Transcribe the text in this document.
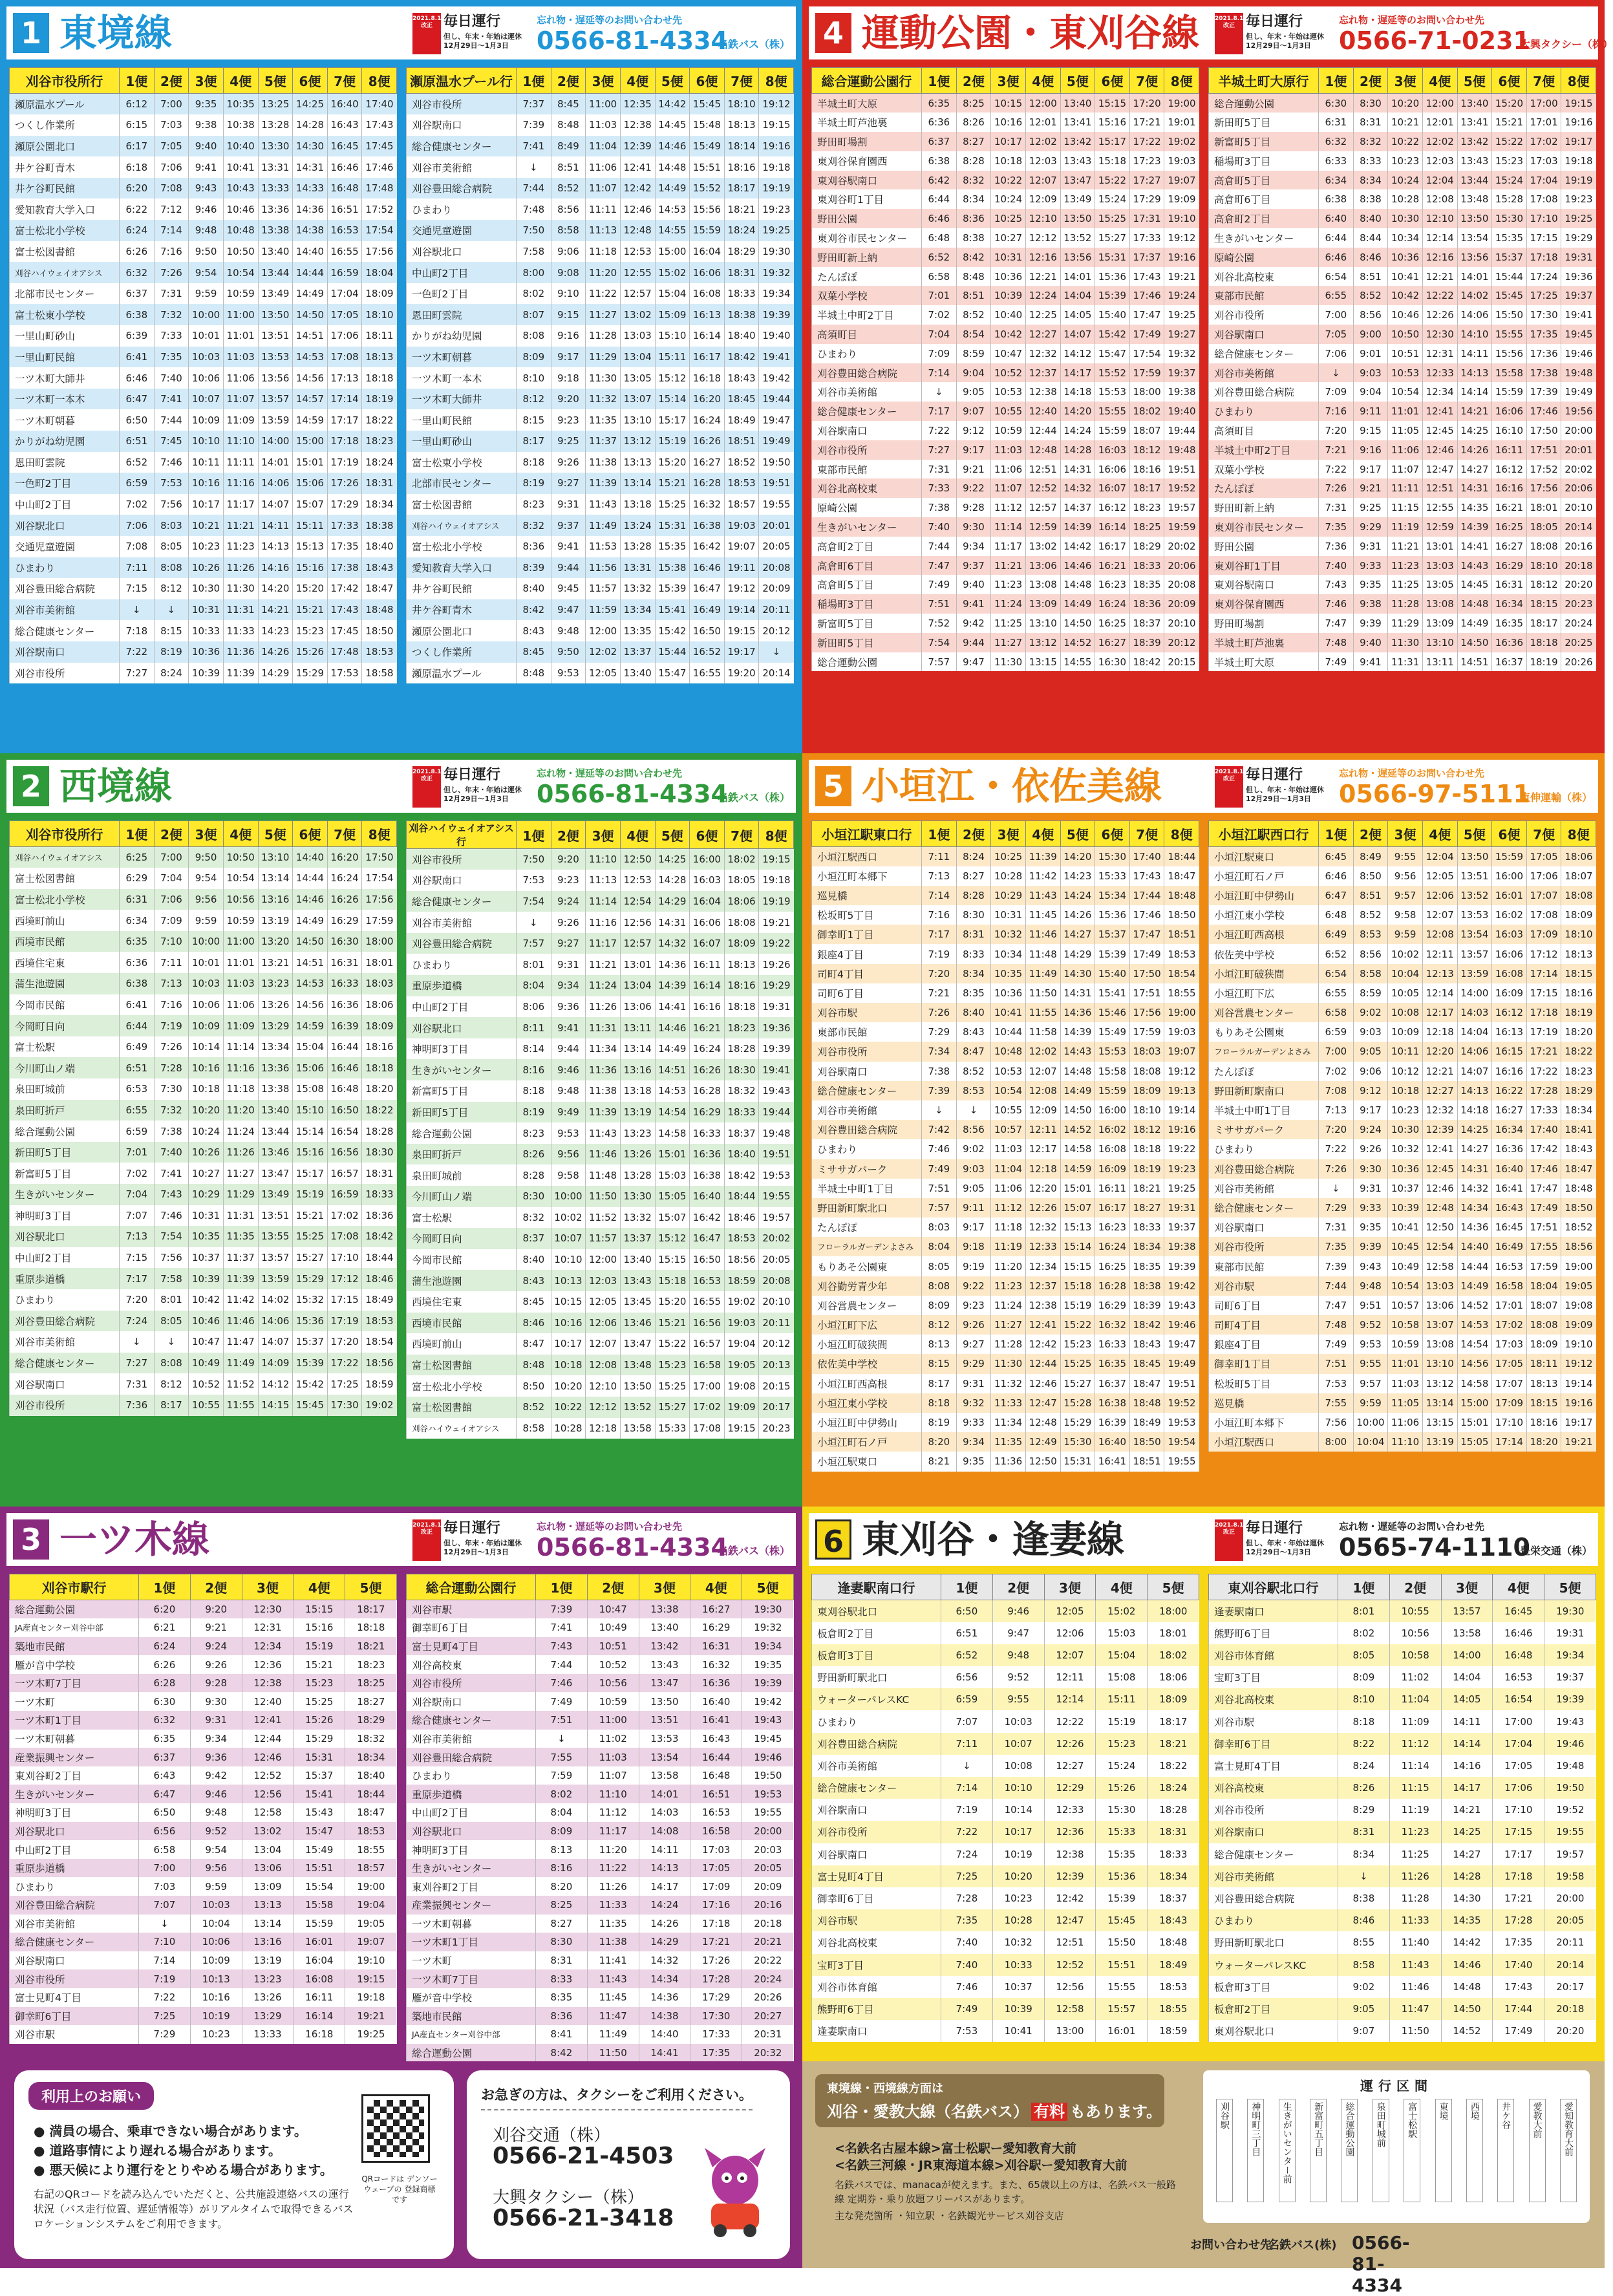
1 東境線	2021.8.1 改正 毎日運行
但し、年末・年始は運休 12月29日～1月3日
忘れ物・遅延等のお問い合わせ先
0566-81-4334
名鉄バス（株）
刈谷市役所行	1便	2便	3便	4便	5便	6便	7便	8便
瀬原温水プール	6:12	7:00	9:35	10:35	13:25	14:25	16:40	17:40
つくし作業所	6:15	7:03	9:38	10:38	13:28	14:28	16:43	17:43
瀬原公園北口	6:17	7:05	9:40	10:40	13:30	14:30	16:45	17:45
井ケ谷町青木	6:18	7:06	9:41	10:41	13:31	14:31	16:46	17:46
井ケ谷町民館	6:20	7:08	9:43	10:43	13:33	14:33	16:48	17:48
愛知教育大学入口	6:22	7:12	9:46	10:46	13:36	14:36	16:51	17:52
富士松北小学校	6:24	7:14	9:48	10:48	13:38	14:38	16:53	17:54
富士松図書館	6:26	7:16	9:50	10:50	13:40	14:40	16:55	17:56
刈谷ハイウェイオアシス	6:32	7:26	9:54	10:54	13:44	14:44	16:59	18:04
北部市民センター	6:37	7:31	9:59	10:59	13:49	14:49	17:04	18:09
富士松東小学校	6:38	7:32	10:00	11:00	13:50	14:50	17:05	18:10
一里山町砂山	6:39	7:33	10:01	11:01	13:51	14:51	17:06	18:11
一里山町民館	6:41	7:35	10:03	11:03	13:53	14:53	17:08	18:13
一ツ木町大師井	6:46	7:40	10:06	11:06	13:56	14:56	17:13	18:18
一ツ木町一本木	6:47	7:41	10:07	11:07	13:57	14:57	17:14	18:19
一ツ木町朝暮	6:50	7:44	10:09	11:09	13:59	14:59	17:17	18:22
かりがね幼児園	6:51	7:45	10:10	11:10	14:00	15:00	17:18	18:23
恩田町雲院	6:52	7:46	10:11	11:11	14:01	15:01	17:19	18:24
一色町2丁目	6:59	7:53	10:16	11:16	14:06	15:06	17:26	18:31
中山町2丁目	7:02	7:56	10:17	11:17	14:07	15:07	17:29	18:34
刈谷駅北口	7:06	8:03	10:21	11:21	14:11	15:11	17:33	18:38
交通児童遊園	7:08	8:05	10:23	11:23	14:13	15:13	17:35	18:40
ひまわり	7:11	8:08	10:26	11:26	14:16	15:16	17:38	18:43
刈谷豊田総合病院	7:15	8:12	10:30	11:30	14:20	15:20	17:42	18:47
刈谷市美術館	↓	↓	10:31	11:31	14:21	15:21	17:43	18:48
総合健康センター	7:18	8:15	10:33	11:33	14:23	15:23	17:45	18:50
刈谷駅南口	7:22	8:19	10:36	11:36	14:26	15:26	17:48	18:53
刈谷市役所	7:27	8:24	10:39	11:39	14:29	15:29	17:53	18:58
瀬原温水プール行	1便	2便	3便	4便	5便	6便	7便	8便
刈谷市役所	7:37	8:45	11:00	12:35	14:42	15:45	18:10	19:12
刈谷駅南口	7:39	8:48	11:03	12:38	14:45	15:48	18:13	19:15
総合健康センター	7:41	8:49	11:04	12:39	14:46	15:49	18:14	19:16
刈谷市美術館	↓	8:51	11:06	12:41	14:48	15:51	18:16	19:18
刈谷豊田総合病院	7:44	8:52	11:07	12:42	14:49	15:52	18:17	19:19
ひまわり	7:48	8:56	11:11	12:46	14:53	15:56	18:21	19:23
交通児童遊園	7:50	8:58	11:13	12:48	14:55	15:59	18:24	19:25
刈谷駅北口	7:58	9:06	11:18	12:53	15:00	16:04	18:29	19:30
中山町2丁目	8:00	9:08	11:20	12:55	15:02	16:06	18:31	19:32
一色町2丁目	8:02	9:10	11:22	12:57	15:04	16:08	18:33	19:34
恩田町雲院	8:07	9:15	11:27	13:02	15:09	16:13	18:38	19:39
かりがね幼児園	8:08	9:16	11:28	13:03	15:10	16:14	18:40	19:40
一ツ木町朝暮	8:09	9:17	11:29	13:04	15:11	16:17	18:42	19:41
一ツ木町一本木	8:10	9:18	11:30	13:05	15:12	16:18	18:43	19:42
一ツ木町大師井	8:12	9:20	11:32	13:07	15:14	16:20	18:45	19:44
一里山町民館	8:15	9:23	11:35	13:10	15:17	16:24	18:49	19:47
一里山町砂山	8:17	9:25	11:37	13:12	15:19	16:26	18:51	19:49
富士松東小学校	8:18	9:26	11:38	13:13	15:20	16:27	18:52	19:50
北部市民センター	8:19	9:27	11:39	13:14	15:21	16:28	18:53	19:51
富士松図書館	8:23	9:31	11:43	13:18	15:25	16:32	18:57	19:55
刈谷ハイウェイオアシス	8:32	9:37	11:49	13:24	15:31	16:38	19:03	20:01
富士松北小学校	8:36	9:41	11:53	13:28	15:35	16:42	19:07	20:05
愛知教育大学入口	8:39	9:44	11:56	13:31	15:38	16:46	19:11	20:08
井ケ谷町民館	8:40	9:45	11:57	13:32	15:39	16:47	19:12	20:09
井ケ谷町青木	8:42	9:47	11:59	13:34	15:41	16:49	19:14	20:11
瀬原公園北口	8:43	9:48	12:00	13:35	15:42	16:50	19:15	20:12
つくし作業所	8:45	9:50	12:02	13:37	15:44	16:52	19:17	↓
瀬原温水プール	8:48	9:53	12:05	13:40	15:47	16:55	19:20	20:14
4 運動公園・東刈谷線	2021.8.1 改正 毎日運行
但し、年末・年始は運休 12月29日～1月3日
忘れ物・遅延等のお問い合わせ先
0566-71-0231
大興タクシー（株）
総合運動公園行	1便	2便	3便	4便	5便	6便	7便	8便
半城土町大原	6:35	8:25	10:15	12:00	13:40	15:15	17:20	19:00
半城土町芦池裏	6:36	8:26	10:16	12:01	13:41	15:16	17:21	19:01
野田町場割	6:37	8:27	10:17	12:02	13:42	15:17	17:22	19:02
東刈谷保育園西	6:38	8:28	10:18	12:03	13:43	15:18	17:23	19:03
東刈谷駅南口	6:42	8:32	10:22	12:07	13:47	15:22	17:27	19:07
東刈谷町1丁目	6:44	8:34	10:24	12:09	13:49	15:24	17:29	19:09
野田公園	6:46	8:36	10:25	12:10	13:50	15:25	17:31	19:10
東刈谷市民センター	6:48	8:38	10:27	12:12	13:52	15:27	17:33	19:12
野田町新上納	6:52	8:42	10:31	12:16	13:56	15:31	17:37	19:16
たんぽぽ	6:58	8:48	10:36	12:21	14:01	15:36	17:43	19:21
双葉小学校	7:01	8:51	10:39	12:24	14:04	15:39	17:46	19:24
半城土中町2丁目	7:02	8:52	10:40	12:25	14:05	15:40	17:47	19:25
高須町目	7:04	8:54	10:42	12:27	14:07	15:42	17:49	19:27
ひまわり	7:09	8:59	10:47	12:32	14:12	15:47	17:54	19:32
刈谷豊田総合病院	7:14	9:04	10:52	12:37	14:17	15:52	17:59	19:37
刈谷市美術館	↓	9:05	10:53	12:38	14:18	15:53	18:00	19:38
総合健康センター	7:17	9:07	10:55	12:40	14:20	15:55	18:02	19:40
刈谷駅南口	7:22	9:12	10:59	12:44	14:24	15:59	18:07	19:44
刈谷市役所	7:27	9:17	11:03	12:48	14:28	16:03	18:12	19:48
東部市民館	7:31	9:21	11:06	12:51	14:31	16:06	18:16	19:51
刈谷北高校東	7:33	9:22	11:07	12:52	14:32	16:07	18:17	19:52
原崎公園	7:38	9:28	11:12	12:57	14:37	16:12	18:23	19:57
生きがいセンター	7:40	9:30	11:14	12:59	14:39	16:14	18:25	19:59
高倉町2丁目	7:44	9:34	11:17	13:02	14:42	16:17	18:29	20:02
高倉町6丁目	7:47	9:37	11:21	13:06	14:46	16:21	18:33	20:06
高倉町5丁目	7:49	9:40	11:23	13:08	14:48	16:23	18:35	20:08
稲場町3丁目	7:51	9:41	11:24	13:09	14:49	16:24	18:36	20:09
新富町5丁目	7:52	9:42	11:25	13:10	14:50	16:25	18:37	20:10
新田町5丁目	7:54	9:44	11:27	13:12	14:52	16:27	18:39	20:12
総合運動公園	7:57	9:47	11:30	13:15	14:55	16:30	18:42	20:15
半城土町大原行	1便	2便	3便	4便	5便	6便	7便	8便
総合運動公園	6:30	8:30	10:20	12:00	13:40	15:20	17:00	19:15
新田町5丁目	6:31	8:31	10:21	12:01	13:41	15:21	17:01	19:16
新富町5丁目	6:32	8:32	10:22	12:02	13:42	15:22	17:02	19:17
稲場町3丁目	6:33	8:33	10:23	12:03	13:43	15:23	17:03	19:18
高倉町5丁目	6:34	8:34	10:24	12:04	13:44	15:24	17:04	19:19
高倉町6丁目	6:38	8:38	10:28	12:08	13:48	15:28	17:08	19:23
高倉町2丁目	6:40	8:40	10:30	12:10	13:50	15:30	17:10	19:25
生きがいセンター	6:44	8:44	10:34	12:14	13:54	15:35	17:15	19:29
原崎公園	6:46	8:46	10:36	12:16	13:56	15:37	17:18	19:31
刈谷北高校東	6:54	8:51	10:41	12:21	14:01	15:44	17:24	19:36
東部市民館	6:55	8:52	10:42	12:22	14:02	15:45	17:25	19:37
刈谷市役所	7:00	8:56	10:46	12:26	14:06	15:50	17:30	19:41
刈谷駅南口	7:05	9:00	10:50	12:30	14:10	15:55	17:35	19:45
総合健康センター	7:06	9:01	10:51	12:31	14:11	15:56	17:36	19:46
刈谷市美術館	↓	9:03	10:53	12:33	14:13	15:58	17:38	19:48
刈谷豊田総合病院	7:09	9:04	10:54	12:34	14:14	15:59	17:39	19:49
ひまわり	7:16	9:11	11:01	12:41	14:21	16:06	17:46	19:56
高須町目	7:20	9:15	11:05	12:45	14:25	16:10	17:50	20:00
半城土中町2丁目	7:21	9:16	11:06	12:46	14:26	16:11	17:51	20:01
双葉小学校	7:22	9:17	11:07	12:47	14:27	16:12	17:52	20:02
たんぽぽ	7:26	9:21	11:11	12:51	14:31	16:16	17:56	20:06
野田町新上納	7:31	9:25	11:15	12:55	14:35	16:21	18:01	20:10
東刈谷市民センター	7:35	9:29	11:19	12:59	14:39	16:25	18:05	20:14
野田公園	7:36	9:31	11:21	13:01	14:41	16:27	18:08	20:16
東刈谷町1丁目	7:40	9:33	11:23	13:03	14:43	16:29	18:10	20:18
東刈谷駅南口	7:43	9:35	11:25	13:05	14:45	16:31	18:12	20:20
東刈谷保育園西	7:46	9:38	11:28	13:08	14:48	16:34	18:15	20:23
野田町場割	7:47	9:39	11:29	13:09	14:49	16:35	18:17	20:24
半城土町芦池裏	7:48	9:40	11:30	13:10	14:50	16:36	18:18	20:25
半城土町大原	7:49	9:41	11:31	13:11	14:51	16:37	18:19	20:26
2 西境線	2021.8.1 改正 毎日運行
但し、年末・年始は運休 12月29日～1月3日
忘れ物・遅延等のお問い合わせ先
0566-81-4334
名鉄バス（株）
刈谷市役所行	1便	2便	3便	4便	5便	6便	7便	8便
刈谷ハイウェイオアシス	6:25	7:00	9:50	10:50	13:10	14:40	16:20	17:50
富士松図書館	6:29	7:04	9:54	10:54	13:14	14:44	16:24	17:54
富士松北小学校	6:31	7:06	9:56	10:56	13:16	14:46	16:26	17:56
西境町前山	6:34	7:09	9:59	10:59	13:19	14:49	16:29	17:59
西境市民館	6:35	7:10	10:00	11:00	13:20	14:50	16:30	18:00
西境住宅東	6:36	7:11	10:01	11:01	13:21	14:51	16:31	18:01
蒲生池遊園	6:38	7:13	10:03	11:03	13:23	14:53	16:33	18:03
今岡市民館	6:41	7:16	10:06	11:06	13:26	14:56	16:36	18:06
今岡町日向	6:44	7:19	10:09	11:09	13:29	14:59	16:39	18:09
富士松駅	6:49	7:26	10:14	11:14	13:34	15:04	16:44	18:16
今川町山ノ端	6:51	7:28	10:16	11:16	13:36	15:06	16:46	18:18
泉田町城前	6:53	7:30	10:18	11:18	13:38	15:08	16:48	18:20
泉田町折戸	6:55	7:32	10:20	11:20	13:40	15:10	16:50	18:22
総合運動公園	6:59	7:38	10:24	11:24	13:44	15:14	16:54	18:28
新田町5丁目	7:01	7:40	10:26	11:26	13:46	15:16	16:56	18:30
新富町5丁目	7:02	7:41	10:27	11:27	13:47	15:17	16:57	18:31
生きがいセンター	7:04	7:43	10:29	11:29	13:49	15:19	16:59	18:33
神明町3丁目	7:07	7:46	10:31	11:31	13:51	15:21	17:02	18:36
刈谷駅北口	7:13	7:54	10:35	11:35	13:55	15:25	17:08	18:42
中山町2丁目	7:15	7:56	10:37	11:37	13:57	15:27	17:10	18:44
重原歩道橋	7:17	7:58	10:39	11:39	13:59	15:29	17:12	18:46
ひまわり	7:20	8:01	10:42	11:42	14:02	15:32	17:15	18:49
刈谷豊田総合病院	7:24	8:05	10:46	11:46	14:06	15:36	17:19	18:53
刈谷市美術館	↓	↓	10:47	11:47	14:07	15:37	17:20	18:54
総合健康センター	7:27	8:08	10:49	11:49	14:09	15:39	17:22	18:56
刈谷駅南口	7:31	8:12	10:52	11:52	14:12	15:42	17:25	18:59
刈谷市役所	7:36	8:17	10:55	11:55	14:15	15:45	17:30	19:02
刈谷ハイウェイオアシス行	1便	2便	3便	4便	5便	6便	7便	8便
刈谷市役所	7:50	9:20	11:10	12:50	14:25	16:00	18:02	19:15
刈谷駅南口	7:53	9:23	11:13	12:53	14:28	16:03	18:05	19:18
総合健康センター	7:54	9:24	11:14	12:54	14:29	16:04	18:06	19:19
刈谷市美術館	↓	9:26	11:16	12:56	14:31	16:06	18:08	19:21
刈谷豊田総合病院	7:57	9:27	11:17	12:57	14:32	16:07	18:09	19:22
ひまわり	8:01	9:31	11:21	13:01	14:36	16:11	18:13	19:26
重原歩道橋	8:04	9:34	11:24	13:04	14:39	16:14	18:16	19:29
中山町2丁目	8:06	9:36	11:26	13:06	14:41	16:16	18:18	19:31
刈谷駅北口	8:11	9:41	11:31	13:11	14:46	16:21	18:23	19:36
神明町3丁目	8:14	9:44	11:34	13:14	14:49	16:24	18:28	19:39
生きがいセンター	8:16	9:46	11:36	13:16	14:51	16:26	18:30	19:41
新富町5丁目	8:18	9:48	11:38	13:18	14:53	16:28	18:32	19:43
新田町5丁目	8:19	9:49	11:39	13:19	14:54	16:29	18:33	19:44
総合運動公園	8:23	9:53	11:43	13:23	14:58	16:33	18:37	19:48
泉田町折戸	8:26	9:56	11:46	13:26	15:01	16:36	18:40	19:51
泉田町城前	8:28	9:58	11:48	13:28	15:03	16:38	18:42	19:53
今川町山ノ端	8:30	10:00	11:50	13:30	15:05	16:40	18:44	19:55
富士松駅	8:32	10:02	11:52	13:32	15:07	16:42	18:46	19:57
今岡町日向	8:37	10:07	11:57	13:37	15:12	16:47	18:53	20:02
今岡市民館	8:40	10:10	12:00	13:40	15:15	16:50	18:56	20:05
蒲生池遊園	8:43	10:13	12:03	13:43	15:18	16:53	18:59	20:08
西境住宅東	8:45	10:15	12:05	13:45	15:20	16:55	19:02	20:10
西境市民館	8:46	10:16	12:06	13:46	15:21	16:56	19:03	20:11
西境町前山	8:47	10:17	12:07	13:47	15:22	16:57	19:04	20:12
富士松図書館	8:48	10:18	12:08	13:48	15:23	16:58	19:05	20:13
富士松北小学校	8:50	10:20	12:10	13:50	15:25	17:00	19:08	20:15
富士松図書館	8:52	10:22	12:12	13:52	15:27	17:02	19:09	20:17
刈谷ハイウェイオアシス	8:58	10:28	12:18	13:58	15:33	17:08	19:15	20:23
5 小垣江・依佐美線	2021.8.1 改正 毎日運行
但し、年末・年始は運休 12月29日～1月3日
忘れ物・遅延等のお問い合わせ先
0566-97-5111
東伸運輸（株）
小垣江駅東口行	1便	2便	3便	4便	5便	6便	7便	8便
小垣江駅西口	7:11	8:24	10:25	11:39	14:20	15:30	17:40	18:44
小垣江町本郷下	7:13	8:27	10:28	11:42	14:23	15:33	17:43	18:47
巡見橋	7:14	8:28	10:29	11:43	14:24	15:34	17:44	18:48
松坂町5丁目	7:16	8:30	10:31	11:45	14:26	15:36	17:46	18:50
御幸町1丁目	7:17	8:31	10:32	11:46	14:27	15:37	17:47	18:51
銀座4丁目	7:19	8:33	10:34	11:48	14:29	15:39	17:49	18:53
司町4丁目	7:20	8:34	10:35	11:49	14:30	15:40	17:50	18:54
司町6丁目	7:21	8:35	10:36	11:50	14:31	15:41	17:51	18:55
刈谷市駅	7:26	8:40	10:41	11:55	14:36	15:46	17:56	19:00
東部市民館	7:29	8:43	10:44	11:58	14:39	15:49	17:59	19:03
刈谷市役所	7:34	8:47	10:48	12:02	14:43	15:53	18:03	19:07
刈谷駅南口	7:38	8:52	10:53	12:07	14:48	15:58	18:08	19:12
総合健康センター	7:39	8:53	10:54	12:08	14:49	15:59	18:09	19:13
刈谷市美術館	↓	↓	10:55	12:09	14:50	16:00	18:10	19:14
刈谷豊田総合病院	7:42	8:56	10:57	12:11	14:52	16:02	18:12	19:16
ひまわり	7:46	9:02	11:03	12:17	14:58	16:08	18:18	19:22
ミササガパーク	7:49	9:03	11:04	12:18	14:59	16:09	18:19	19:23
半城土中町1丁目	7:51	9:05	11:06	12:20	15:01	16:11	18:21	19:25
野田新町駅北口	7:57	9:11	11:12	12:26	15:07	16:17	18:27	19:31
たんぽぽ	8:03	9:17	11:18	12:32	15:13	16:23	18:33	19:37
フローラルガーデンよさみ	8:04	9:18	11:19	12:33	15:14	16:24	18:34	19:38
もりあそ公園東	8:05	9:19	11:20	12:34	15:15	16:25	18:35	19:39
刈谷勤労青少年	8:08	9:22	11:23	12:37	15:18	16:28	18:38	19:42
刈谷営農センター	8:09	9:23	11:24	12:38	15:19	16:29	18:39	19:43
小垣江町下広	8:12	9:26	11:27	12:41	15:22	16:32	18:42	19:46
小垣江町破狭間	8:13	9:27	11:28	12:42	15:23	16:33	18:43	19:47
依佐美中学校	8:15	9:29	11:30	12:44	15:25	16:35	18:45	19:49
小垣江町西高根	8:17	9:31	11:32	12:46	15:27	16:37	18:47	19:51
小垣江東小学校	8:18	9:32	11:33	12:47	15:28	16:38	18:48	19:52
小垣江町中伊勢山	8:19	9:33	11:34	12:48	15:29	16:39	18:49	19:53
小垣江町石ノ戸	8:20	9:34	11:35	12:49	15:30	16:40	18:50	19:54
小垣江駅東口	8:21	9:35	11:36	12:50	15:31	16:41	18:51	19:55
小垣江駅西口行	1便	2便	3便	4便	5便	6便	7便	8便
小垣江駅東口	6:45	8:49	9:55	12:04	13:50	15:59	17:05	18:06
小垣江町石ノ戸	6:46	8:50	9:56	12:05	13:51	16:00	17:06	18:07
小垣江町中伊勢山	6:47	8:51	9:57	12:06	13:52	16:01	17:07	18:08
小垣江東小学校	6:48	8:52	9:58	12:07	13:53	16:02	17:08	18:09
小垣江町西高根	6:49	8:53	9:59	12:08	13:54	16:03	17:09	18:10
依佐美中学校	6:52	8:56	10:02	12:11	13:57	16:06	17:12	18:13
小垣江町破狭間	6:54	8:58	10:04	12:13	13:59	16:08	17:14	18:15
小垣江町下広	6:55	8:59	10:05	12:14	14:00	16:09	17:15	18:16
刈谷営農センター	6:58	9:02	10:08	12:17	14:03	16:12	17:18	18:19
もりあそ公園東	6:59	9:03	10:09	12:18	14:04	16:13	17:19	18:20
フローラルガーデンよさみ	7:00	9:05	10:11	12:20	14:06	16:15	17:21	18:22
たんぽぽ	7:02	9:06	10:12	12:21	14:07	16:16	17:22	18:23
野田新町駅南口	7:08	9:12	10:18	12:27	14:13	16:22	17:28	18:29
半城土中町1丁目	7:13	9:17	10:23	12:32	14:18	16:27	17:33	18:34
ミササガパーク	7:20	9:24	10:30	12:39	14:25	16:34	17:40	18:41
ひまわり	7:22	9:26	10:32	12:41	14:27	16:36	17:42	18:43
刈谷豊田総合病院	7:26	9:30	10:36	12:45	14:31	16:40	17:46	18:47
刈谷市美術館	↓	9:31	10:37	12:46	14:32	16:41	17:47	18:48
総合健康センター	7:29	9:33	10:39	12:48	14:34	16:43	17:49	18:50
刈谷駅南口	7:31	9:35	10:41	12:50	14:36	16:45	17:51	18:52
刈谷市役所	7:35	9:39	10:45	12:54	14:40	16:49	17:55	18:56
東部市民館	7:39	9:43	10:49	12:58	14:44	16:53	17:59	19:00
刈谷市駅	7:44	9:48	10:54	13:03	14:49	16:58	18:04	19:05
司町6丁目	7:47	9:51	10:57	13:06	14:52	17:01	18:07	19:08
司町4丁目	7:48	9:52	10:58	13:07	14:53	17:02	18:08	19:09
銀座4丁目	7:49	9:53	10:59	13:08	14:54	17:03	18:09	19:10
御幸町1丁目	7:51	9:55	11:01	13:10	14:56	17:05	18:11	19:12
松坂町5丁目	7:53	9:57	11:03	13:12	14:58	17:07	18:13	19:14
巡見橋	7:55	9:59	11:05	13:14	15:00	17:09	18:15	19:16
小垣江町本郷下	7:56	10:00	11:06	13:15	15:01	17:10	18:16	19:17
小垣江駅西口	8:00	10:04	11:10	13:19	15:05	17:14	18:20	19:21
3 一ツ木線	2021.8.1 改正 毎日運行
但し、年末・年始は運休 12月29日～1月3日
忘れ物・遅延等のお問い合わせ先
0566-81-4334
名鉄バス（株）
刈谷市駅行	1便	2便	3便	4便	5便
総合運動公園	6:20	9:20	12:30	15:15	18:17
JA産直センター刈谷中部	6:21	9:21	12:31	15:16	18:18
築地市民館	6:24	9:24	12:34	15:19	18:21
雁が音中学校	6:26	9:26	12:36	15:21	18:23
一ツ木町7丁目	6:28	9:28	12:38	15:23	18:25
一ツ木町	6:30	9:30	12:40	15:25	18:27
一ツ木町1丁目	6:32	9:31	12:41	15:26	18:29
一ツ木町朝暮	6:35	9:34	12:44	15:29	18:32
産業振興センター	6:37	9:36	12:46	15:31	18:34
東刈谷町2丁目	6:43	9:42	12:52	15:37	18:40
生きがいセンター	6:47	9:46	12:56	15:41	18:44
神明町3丁目	6:50	9:48	12:58	15:43	18:47
刈谷駅北口	6:56	9:52	13:02	15:47	18:53
中山町2丁目	6:58	9:54	13:04	15:49	18:55
重原歩道橋	7:00	9:56	13:06	15:51	18:57
ひまわり	7:03	9:59	13:09	15:54	19:00
刈谷豊田総合病院	7:07	10:03	13:13	15:58	19:04
刈谷市美術館	↓	10:04	13:14	15:59	19:05
総合健康センター	7:10	10:06	13:16	16:01	19:07
刈谷駅南口	7:14	10:09	13:19	16:04	19:10
刈谷市役所	7:19	10:13	13:23	16:08	19:15
富士見町4丁目	7:22	10:16	13:26	16:11	19:18
御幸町6丁目	7:25	10:19	13:29	16:14	19:21
刈谷市駅	7:29	10:23	13:33	16:18	19:25
総合運動公園行	1便	2便	3便	4便	5便
刈谷市駅	7:39	10:47	13:38	16:27	19:30
御幸町6丁目	7:41	10:49	13:40	16:29	19:32
富士見町4丁目	7:43	10:51	13:42	16:31	19:34
刈谷高校東	7:44	10:52	13:43	16:32	19:35
刈谷市役所	7:46	10:56	13:47	16:36	19:39
刈谷駅南口	7:49	10:59	13:50	16:40	19:42
総合健康センター	7:51	11:00	13:51	16:41	19:43
刈谷市美術館	↓	11:02	13:53	16:43	19:45
刈谷豊田総合病院	7:55	11:03	13:54	16:44	19:46
ひまわり	7:59	11:07	13:58	16:48	19:50
重原歩道橋	8:02	11:10	14:01	16:51	19:53
中山町2丁目	8:04	11:12	14:03	16:53	19:55
刈谷駅北口	8:09	11:17	14:08	16:58	20:00
神明町3丁目	8:13	11:20	14:11	17:03	20:03
生きがいセンター	8:16	11:22	14:13	17:05	20:05
東刈谷町2丁目	8:20	11:26	14:17	17:09	20:09
産業振興センター	8:25	11:33	14:24	17:16	20:16
一ツ木町朝暮	8:27	11:35	14:26	17:18	20:18
一ツ木町1丁目	8:30	11:38	14:29	17:21	20:21
一ツ木町	8:31	11:41	14:32	17:26	20:22
一ツ木町7丁目	8:33	11:43	14:34	17:28	20:24
雁が音中学校	8:35	11:45	14:36	17:29	20:26
築地市民館	8:36	11:47	14:38	17:30	20:27
JA産直センター刈谷中部	8:41	11:49	14:40	17:33	20:31
総合運動公園	8:42	11:50	14:41	17:35	20:32
6 東刈谷・逢妻線	2021.8.1 改正 毎日運行
但し、年末・年始は運休 12月29日～1月3日
忘れ物・遅延等のお問い合わせ先
0565-74-1110
豊栄交通（株）
逢妻駅南口行	1便	2便	3便	4便	5便
東刈谷駅北口	6:50	9:46	12:05	15:02	18:00
板倉町2丁目	6:51	9:47	12:06	15:03	18:01
板倉町3丁目	6:52	9:48	12:07	15:04	18:02
野田新町駅北口	6:56	9:52	12:11	15:08	18:06
ウォーターパレスKC	6:59	9:55	12:14	15:11	18:09
ひまわり	7:07	10:03	12:22	15:19	18:17
刈谷豊田総合病院	7:11	10:07	12:26	15:23	18:21
刈谷市美術館	↓	10:08	12:27	15:24	18:22
総合健康センター	7:14	10:10	12:29	15:26	18:24
刈谷駅南口	7:19	10:14	12:33	15:30	18:28
刈谷市役所	7:22	10:17	12:36	15:33	18:31
刈谷駅南口	7:24	10:19	12:38	15:35	18:33
富士見町4丁目	7:25	10:20	12:39	15:36	18:34
御幸町6丁目	7:28	10:23	12:42	15:39	18:37
刈谷市駅	7:35	10:28	12:47	15:45	18:43
刈谷北高校東	7:40	10:32	12:51	15:50	18:48
宝町3丁目	7:40	10:33	12:52	15:51	18:49
刈谷市体育館	7:46	10:37	12:56	15:55	18:53
熊野町6丁目	7:49	10:39	12:58	15:57	18:55
逢妻駅南口	7:53	10:41	13:00	16:01	18:59
東刈谷駅北口行	1便	2便	3便	4便	5便
逢妻駅南口	8:01	10:55	13:57	16:45	19:30
熊野町6丁目	8:02	10:56	13:58	16:46	19:31
刈谷市体育館	8:05	10:58	14:00	16:48	19:34
宝町3丁目	8:09	11:02	14:04	16:53	19:37
刈谷北高校東	8:10	11:04	14:05	16:54	19:39
刈谷市駅	8:18	11:09	14:11	17:00	19:43
御幸町6丁目	8:22	11:12	14:14	17:04	19:46
富士見町4丁目	8:24	11:14	14:16	17:05	19:48
刈谷高校東	8:26	11:15	14:17	17:06	19:50
刈谷市役所	8:29	11:19	14:21	17:10	19:52
刈谷駅南口	8:31	11:23	14:25	17:15	19:55
総合健康センター	8:34	11:25	14:27	17:17	19:57
刈谷市美術館	↓	11:26	14:28	17:18	19:58
刈谷豊田総合病院	8:38	11:28	14:30	17:21	20:00
ひまわり	8:46	11:33	14:35	17:28	20:05
野田新町駅北口	8:55	11:40	14:42	17:35	20:11
ウォーターパレスKC	8:58	11:43	14:46	17:40	20:14
板倉町3丁目	9:02	11:46	14:48	17:43	20:17
板倉町2丁目	9:05	11:47	14:50	17:44	20:18
東刈谷駅北口	9:07	11:50	14:52	17:49	20:20
利用上のお願い
● 満員の場合、乗車できない場合があります。
● 道路事情により遅れる場合があります。
● 悪天候により運行をとりやめる場合があります。
右記のQRコードを読み込んでいただくと、公共施設連絡バスの運行状況（バス走行位置、遅延情報等）がリアルタイムで取得できるバスロケーションシステムをご利用できます。
QRコードは デンソーウェーブの 登録商標です
お急ぎの方は、タクシーをご利用ください。
刈谷交通（株）
0566-21-4503
大興タクシー（株）
0566-21-3418
東境線・西境線方面は
刈谷・愛教大線（名鉄バス） 有料 もあります。
<名鉄名古屋本線>富士松駅ー愛知教育大前
<名鉄三河線・JR東海道本線>刈谷駅ー愛知教育大前
名鉄バスでは、manacaが使えます。また、65歳以上の方は、名鉄バス一般路線 定期券・乗り放題フリーパスがあります。
主な発売箇所 ・知立駅 ・名鉄観光サービス刈谷支店
お問い合わせ先
名鉄バス(株) 0566-81-4334
運行区間
刈谷駅	神明町三丁目	生きがいセンター前	新富町五丁目	総合運動公園	泉田町城前	富士松駅	東境	西境	井ケ谷	愛教大前	愛知教育大前
